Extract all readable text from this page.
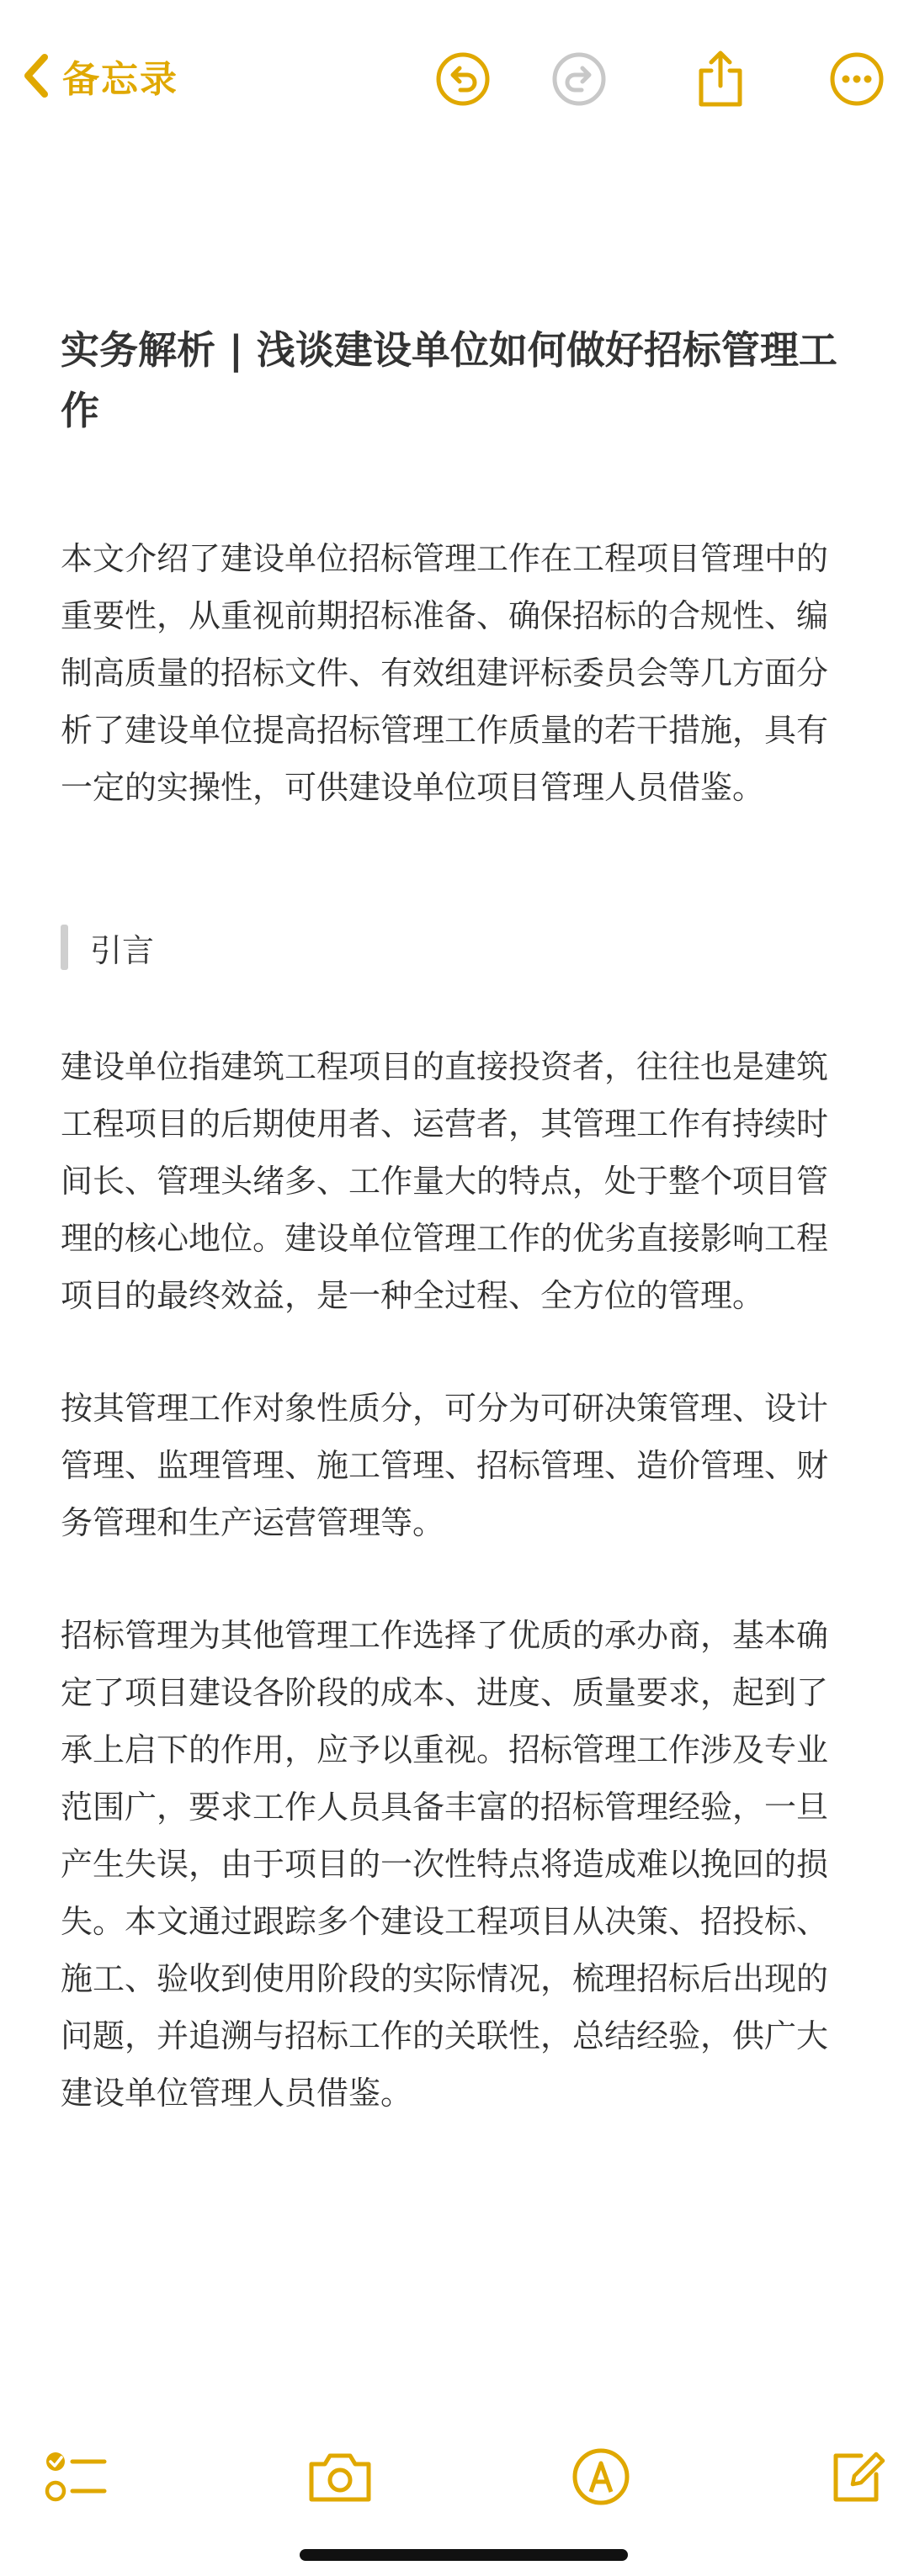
备忘录
实务解析 | 浅谈建设单位如何做好招标管理工作

本文介绍了建设单位招标管理工作在工程项目管理中的重要性，从重视前期招标准备、确保招标的合规性、编制高质量的招标文件、有效组建评标委员会等几方面分析了建设单位提高招标管理工作质量的若干措施，具有一定的实操性，可供建设单位项目管理人员借鉴。

引言

建设单位指建筑工程项目的直接投资者，往往也是建筑工程项目的后期使用者、运营者，其管理工作有持续时间长、管理头绪多、工作量大的特点，处于整个项目管理的核心地位。建设单位管理工作的优劣直接影响工程项目的最终效益，是一种全过程、全方位的管理。

按其管理工作对象性质分，可分为可研决策管理、设计管理、监理管理、施工管理、招标管理、造价管理、财务管理和生产运营管理等。

招标管理为其他管理工作选择了优质的承办商，基本确定了项目建设各阶段的成本、进度、质量要求，起到了承上启下的作用，应予以重视。招标管理工作涉及专业范围广，要求工作人员具备丰富的招标管理经验，一旦产生失误，由于项目的一次性特点将造成难以挽回的损失。本文通过跟踪多个建设工程项目从决策、招投标、施工、验收到使用阶段的实际情况，梳理招标后出现的问题，并追溯与招标工作的关联性，总结经验，供广大建设单位管理人员借鉴。
